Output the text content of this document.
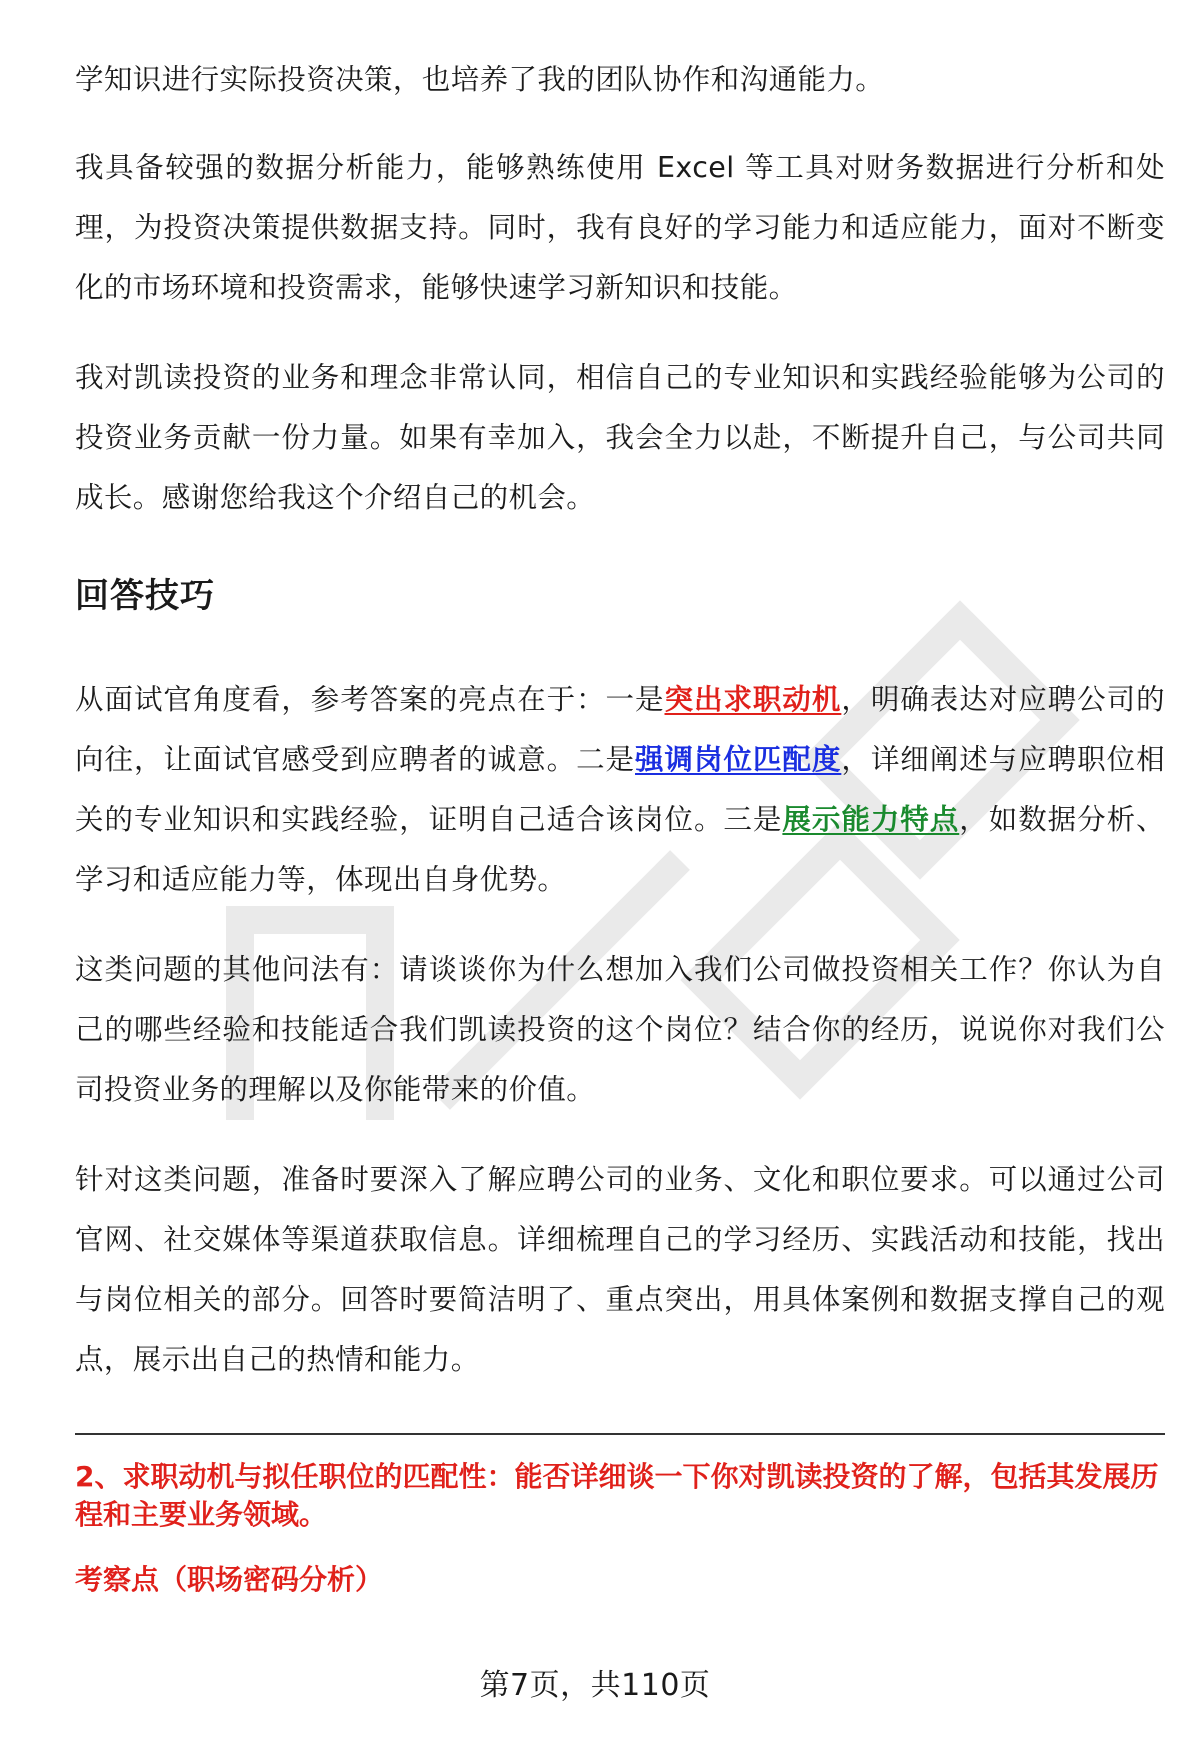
学知识进行实际投资决策，也培养了我的团队协作和沟通能力。

我具备较强的数据分析能力，能够熟练使用 Excel 等工具对财务数据进行分析和处理，为投资决策提供数据支持。同时，我有良好的学习能力和适应能力，面对不断变化的市场环境和投资需求，能够快速学习新知识和技能。

我对凯读投资的业务和理念非常认同，相信自己的专业知识和实践经验能够为公司的投资业务贡献一份力量。如果有幸加入，我会全力以赴，不断提升自己，与公司共同成长。感谢您给我这个介绍自己的机会。

回答技巧

从面试官角度看，参考答案的亮点在于：一是突出求职动机，明确表达对应聘公司的向往，让面试官感受到应聘者的诚意。二是强调岗位匹配度，详细阐述与应聘职位相关的专业知识和实践经验，证明自己适合该岗位。三是展示能力特点，如数据分析、学习和适应能力等，体现出自身优势。

这类问题的其他问法有：请谈谈你为什么想加入我们公司做投资相关工作？你认为自己的哪些经验和技能适合我们凯读投资的这个岗位？结合你的经历，说说你对我们公司投资业务的理解以及你能带来的价值。

针对这类问题，准备时要深入了解应聘公司的业务、文化和职位要求。可以通过公司官网、社交媒体等渠道获取信息。详细梳理自己的学习经历、实践活动和技能，找出与岗位相关的部分。回答时要简洁明了、重点突出，用具体案例和数据支撑自己的观点，展示出自己的热情和能力。

2、求职动机与拟任职位的匹配性：能否详细谈一下你对凯读投资的了解，包括其发展历程和主要业务领域。

考察点（职场密码分析）

第7页，共110页
